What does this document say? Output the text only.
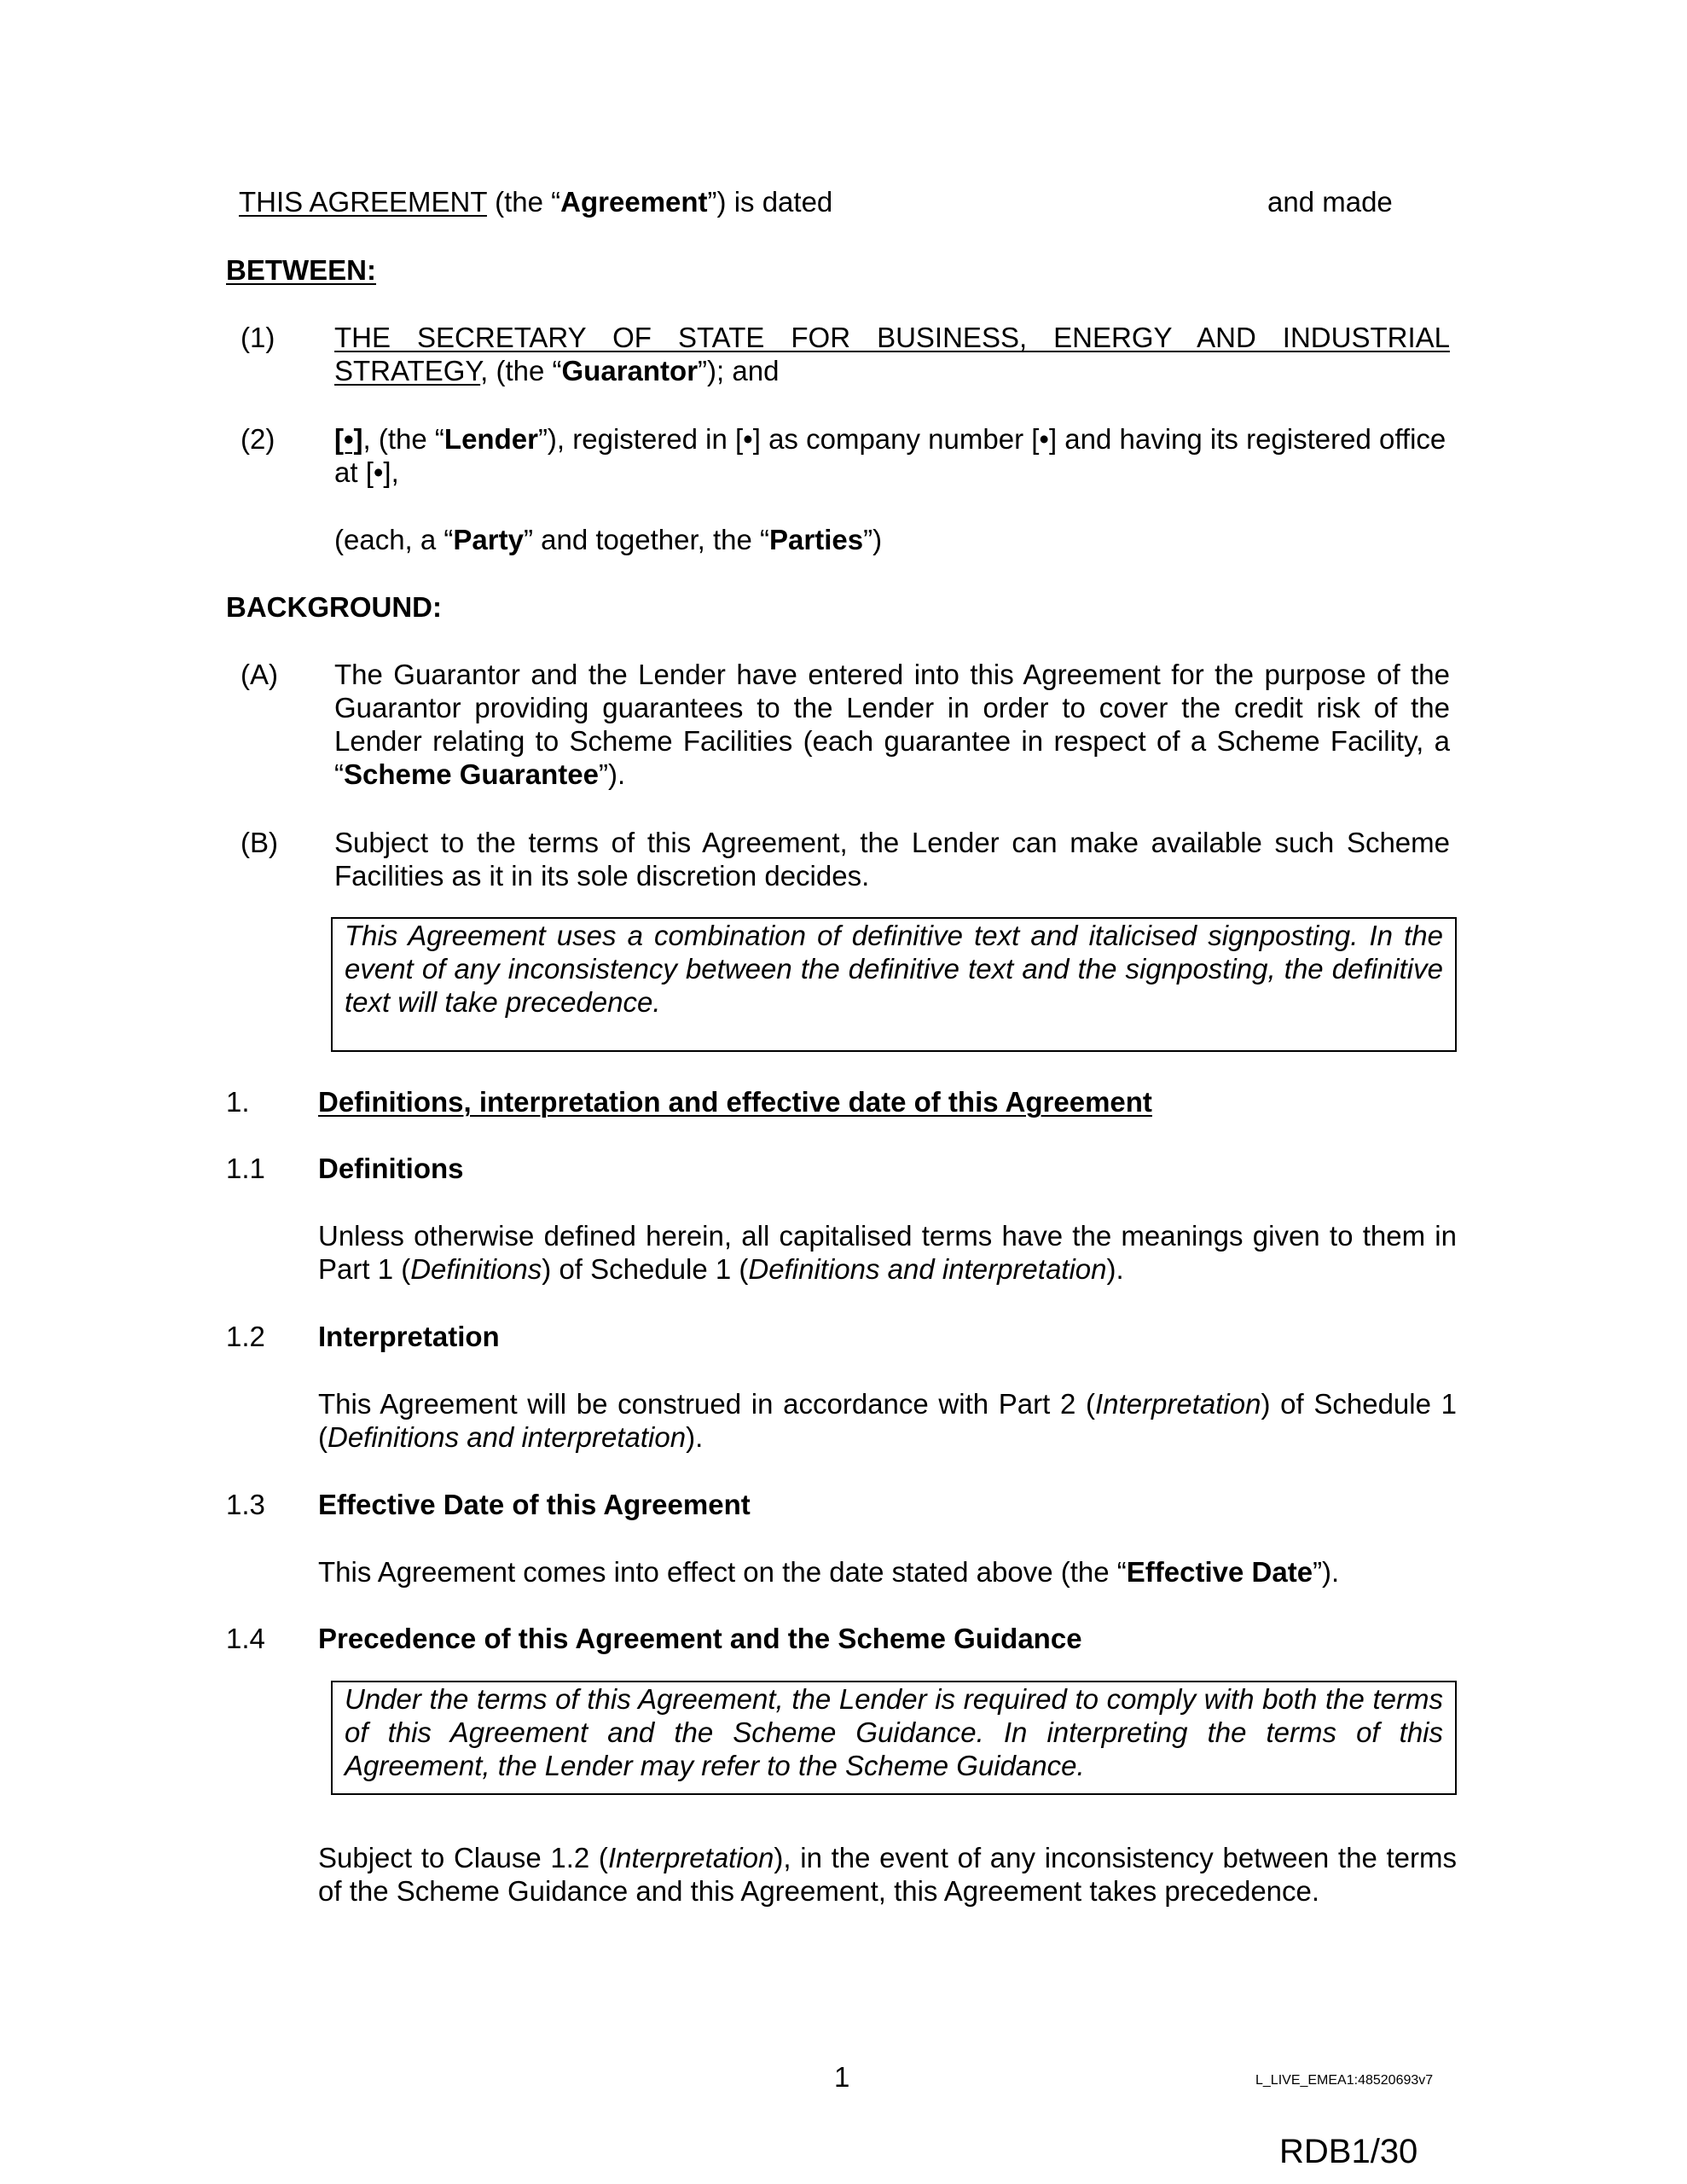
THIS AGREEMENT (the “Agreement”) is dated	and made
BETWEEN:
(1) THE SECRETARY OF STATE FOR BUSINESS, ENERGY AND INDUSTRIAL STRATEGY, (the “Guarantor”); and
(2) [•], (the “Lender”), registered in [•] as company number [•] and having its registered office at [•],
(each, a “Party” and together, the “Parties”)
BACKGROUND:
(A) The Guarantor and the Lender have entered into this Agreement for the purpose of the Guarantor providing guarantees to the Lender in order to cover the credit risk of the Lender relating to Scheme Facilities (each guarantee in respect of a Scheme Facility, a “Scheme Guarantee”).
(B) Subject to the terms of this Agreement, the Lender can make available such Scheme Facilities as it in its sole discretion decides.
This Agreement uses a combination of definitive text and italicised signposting. In the event of any inconsistency between the definitive text and the signposting, the definitive text will take precedence.
1. Definitions, interpretation and effective date of this Agreement
1.1 Definitions
Unless otherwise defined herein, all capitalised terms have the meanings given to them in Part 1 (Definitions) of Schedule 1 (Definitions and interpretation).
1.2 Interpretation
This Agreement will be construed in accordance with Part 2 (Interpretation) of Schedule 1 (Definitions and interpretation).
1.3 Effective Date of this Agreement
This Agreement comes into effect on the date stated above (the “Effective Date”).
1.4 Precedence of this Agreement and the Scheme Guidance
Under the terms of this Agreement, the Lender is required to comply with both the terms of this Agreement and the Scheme Guidance. In interpreting the terms of this Agreement, the Lender may refer to the Scheme Guidance.
Subject to Clause 1.2 (Interpretation), in the event of any inconsistency between the terms of the Scheme Guidance and this Agreement, this Agreement takes precedence.
1	L_LIVE_EMEA1:48520693v7
RDB1/30
